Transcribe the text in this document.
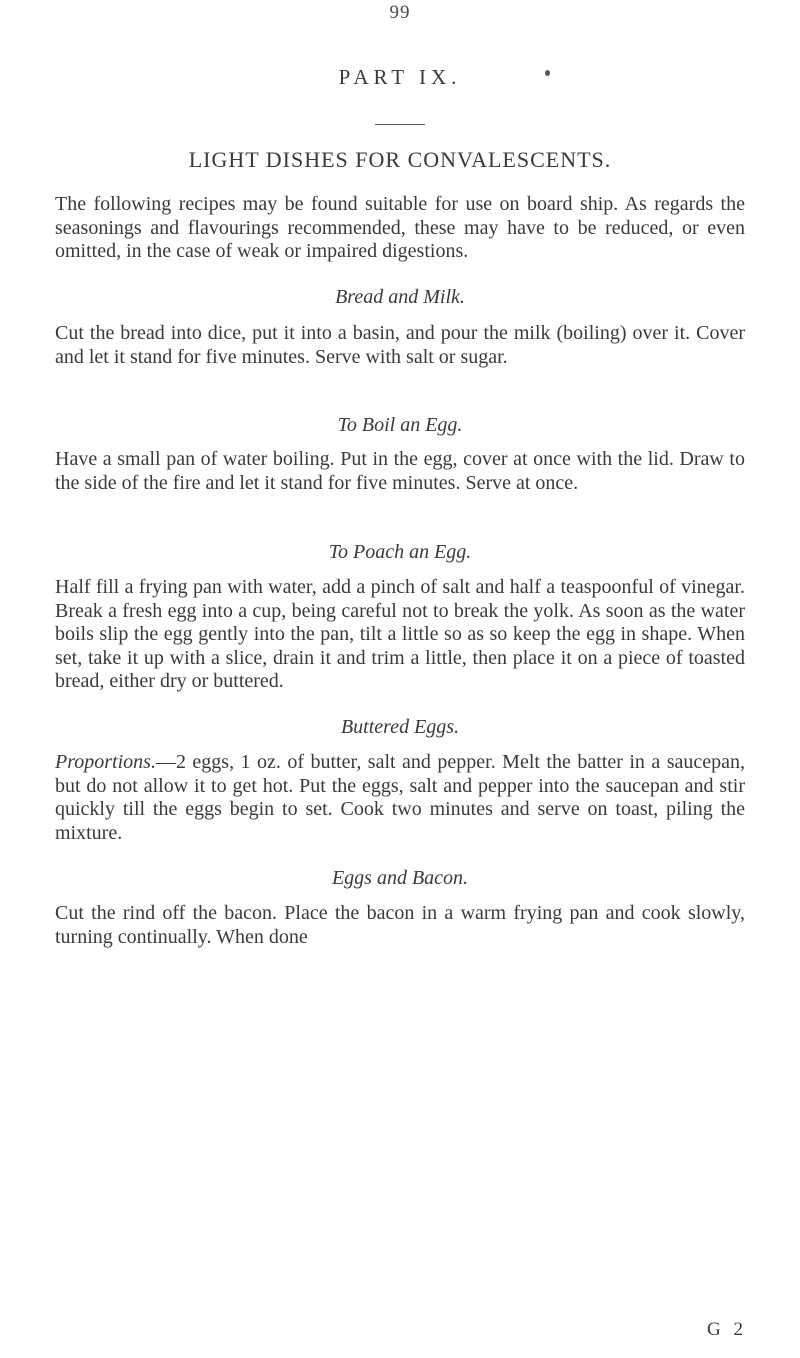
99
PART IX.
LIGHT DISHES FOR CONVALESCENTS.

The following recipes may be found suitable for use on board ship. As regards the seasonings and flavourings recommended, these may have to be reduced, or even omitted, in the case of weak or impaired digestions.

Bread and Milk.

Cut the bread into dice, put it into a basin, and pour the milk (boiling) over it. Cover and let it stand for five minutes. Serve with salt or sugar.

To Boil an Egg.

Have a small pan of water boiling. Put in the egg, cover at once with the lid. Draw to the side of the fire and let it stand for five minutes. Serve at once.

To Poach an Egg.

Half fill a frying pan with water, add a pinch of salt and half a teaspoonful of vinegar. Break a fresh egg into a cup, being careful not to break the yolk. As soon as the water boils slip the egg gently into the pan, tilt a little so as so keep the egg in shape. When set, take it up with a slice, drain it and trim a little, then place it on a piece of toasted bread, either dry or buttered.

Buttered Eggs.

Proportions.—2 eggs, 1 oz. of butter, salt and pepper. Melt the batter in a saucepan, but do not allow it to get hot. Put the eggs, salt and pepper into the saucepan and stir quickly till the eggs begin to set. Cook two minutes and serve on toast, piling the mixture.

Eggs and Bacon.

Cut the rind off the bacon. Place the bacon in a warm frying pan and cook slowly, turning continually. When done

G 2
